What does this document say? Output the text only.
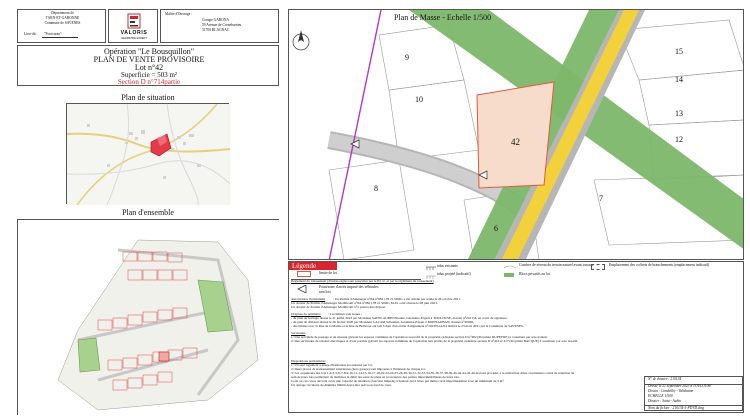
Département de
TARN-ET-GARONNE
Commune de SAVENES
Lieu-dit : "Fourcaran"	VALORIS
GEOMETRE EXPERT
Maître d'Ouvrage :
Groupe GABONA
59 Avenue de Cornebarrieu
31700 BLAGNAC
Opération "Le Bousquillon"
PLAN DE VENTE PROVISOIRE
Lot n°42
Superficie = 503 m²
Section D n°714partie
Plan de situation
Plan d'ensemble
Plan de Masse - Echelle 1/500
9
10
42
8
6
15
14
13
12
7
Légende
limite de lot
Règlement du lotissement (d'autres règles sont prescrites par le P.L.U. et par le règlement du lotissement)
Point/zone d'accès imposé des véhicules
non lots
talus existants
talus projeté (indicatif)
Courbes de niveau du terrain naturel avant travaux
Blocs privatifs au lot
Emplacement des coffrets de branchements (emplacement indicatif)
Autorisation d'urbanisme : Un Permis d'Aménager n°PA n°082 178 21 S0001 a été obtenu par arrêté le 26 octobre 2021.
Un dossier de Permis d'Aménager Modificatif n°PA n°082 178 21 S0001 M-01 a été obtenu le 08 juin 2023.
Un dossier de Permis d'Aménager Modificatif n°2 pourra être déposé.
Origines du périmètre : Les limites sont issues :
- du plan de bornage dressé le 21 juillet 2023 par Monsieur SAINT-AUBIN Etienne, Géomètre-Expert à TOULOUSE, dossier n°210134, en cours de signature,
- du plan de division dressé le 26 février 2020 par Monsieur LACAM Sébastien, Géomètre-Expert à MONTAUBAN, dossier n°20066,
- des limites avec la Rue de la Mairie et la Rue de Bellevue ont fait l'objet d'un arrêté d'alignement n°2023012A/04 délivré le 23 mars 2021 par la Commune de SAVENES.
Servitudes
1/ Une servitude de passage et de réseaux grèvent les espaces communs de l'opération au profit de la propriété cadastrée section D n°482 (Propriété DUPEYRE) à constituer par acte notarié.
2/ Des servitudes de réseaux électriques et d'eau potable grèvent les espaces communs de l'opération aux profits de la propriété cadastrée section D n°416 et 417 (Propriété BACQUE) à constituer par acte notarié.
Dispositions particulières
1/ Un seul logement à usage d'habitation est autorisé par lot.
2/ Deux places de stationnement extérieures (hors garage) sont imposées à l'intérieur de chaque lot.
3/ Les acquéreurs des lots 1-2-3-5-6-7-8-9-10-11-14-15-16-17-18-19-22-24-25-26-29-30-31-32-33-34-35-36-37-38-39-40-42-44-45-46 devront procéder à la réalisation d'une ou plusieurs cuves de rétention au
sein de leurs lots permettant de maîtriser le débit des eaux de pluie en provenance des parties imperméabilisées de leurs lots.
Cette ou ces cuves devront avoir une capacité de rétention (fonction limpide) à hauteur de12 litres par mètre carré imperméabilisé avec un minimum de 3 m³.
Un ajutage circulaire de diamètre 60mm devra être prévu en fond de cuve.
N° de dossier : 210134
Dressé le 21 septembre 2023 à TOULOUSE
Dessin : Cambolby - Validation
ECHELLE 1/500
Dossier : Saint - Aubin
Nom du fichier : 210134-5-PDVD.dwg
